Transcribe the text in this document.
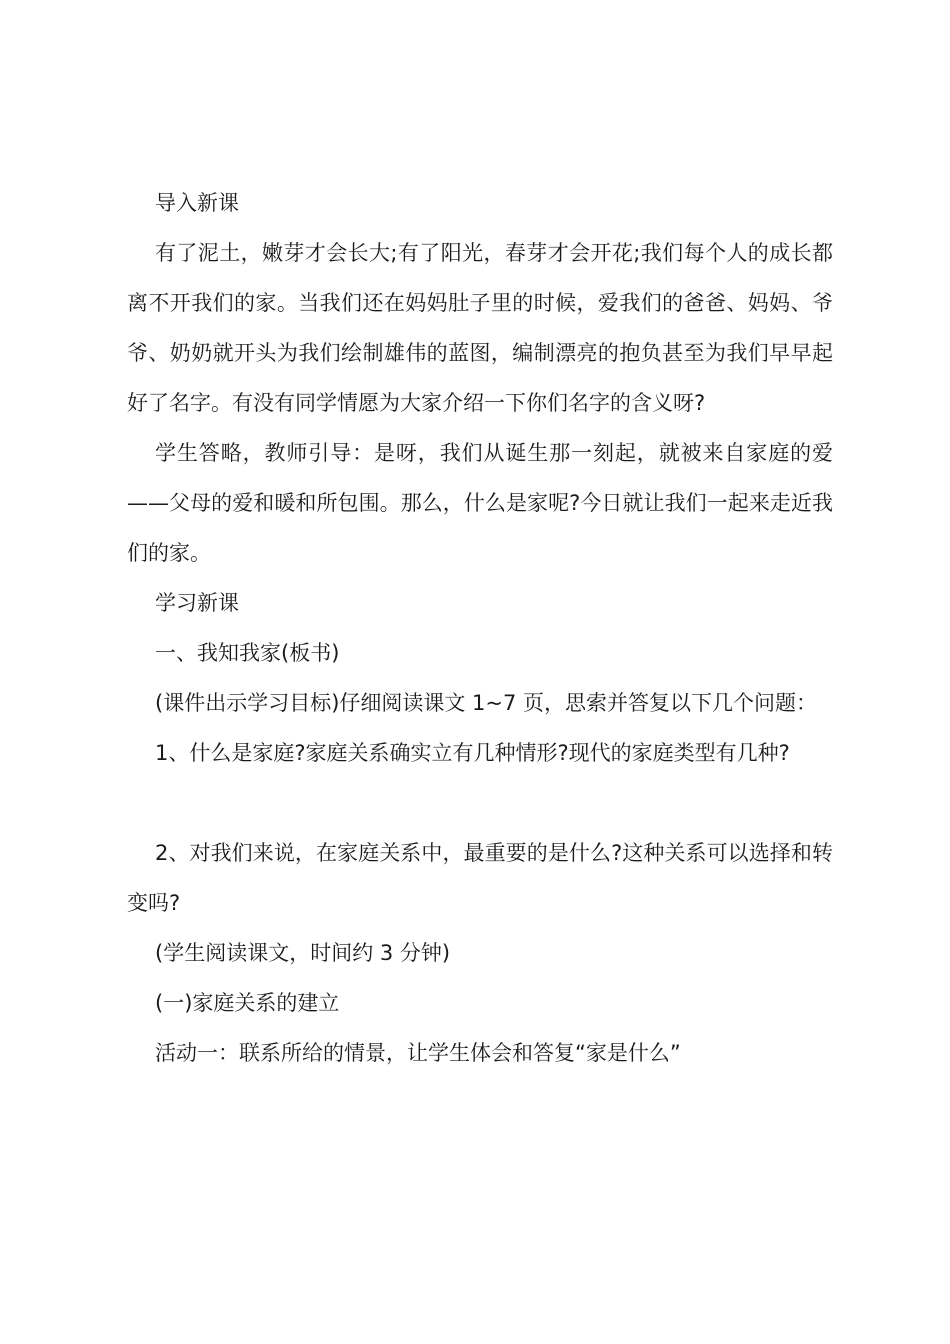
导入新课

有了泥土，嫩芽才会长大;有了阳光，春芽才会开花;我们每个人的成长都离不开我们的家。当我们还在妈妈肚子里的时候，爱我们的爸爸、妈妈、爷爷、奶奶就开头为我们绘制雄伟的蓝图，编制漂亮的抱负甚至为我们早早起好了名字。有没有同学情愿为大家介绍一下你们名字的含义呀?

学生答略，教师引导：是呀，我们从诞生那一刻起，就被来自家庭的爱——父母的爱和暖和所包围。那么，什么是家呢?今日就让我们一起来走近我们的家。

学习新课

一、我知我家(板书)

(课件出示学习目标)仔细阅读课文 1~7 页，思索并答复以下几个问题：

1、什么是家庭?家庭关系确实立有几种情形?现代的家庭类型有几种?

2、对我们来说，在家庭关系中，最重要的是什么?这种关系可以选择和转变吗?

(学生阅读课文，时间约 3 分钟)

(一)家庭关系的建立

活动一：联系所给的情景，让学生体会和答复“家是什么”
